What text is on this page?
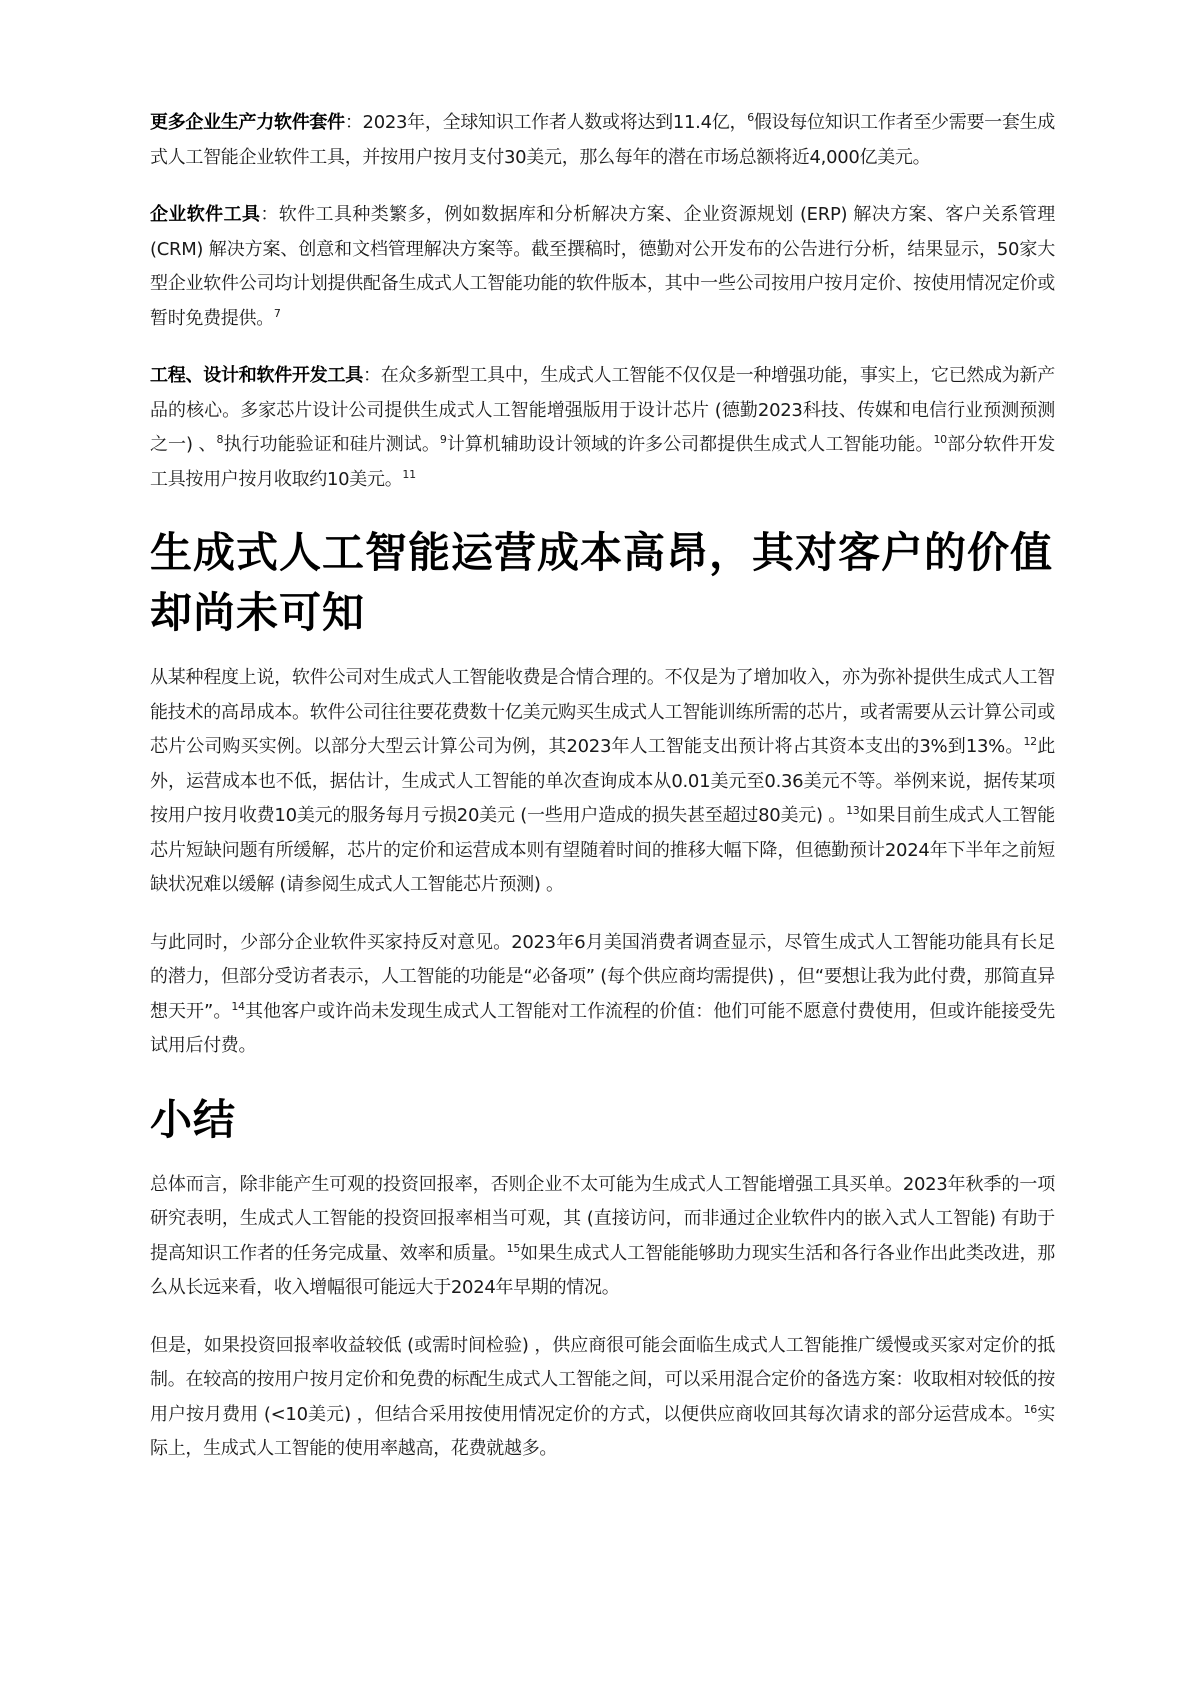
更多企业生产力软件套件：2023年，全球知识工作者人数或将达到11.4亿，$^6$假设每位知识工作者至少需要一套生成式人工智能企业软件工具，并按用户按月支付30美元，那么每年的潜在市场总额将近4,000亿美元。

企业软件工具：软件工具种类繁多，例如数据库和分析解决方案、企业资源规划 (ERP) 解决方案、客户关系管理 (CRM) 解决方案、创意和文档管理解决方案等。截至撰稿时，德勤对公开发布的公告进行分析，结果显示，50家大型企业软件公司均计划提供配备生成式人工智能功能的软件版本，其中一些公司按用户按月定价、按使用情况定价或暂时免费提供。$^7$

工程、设计和软件开发工具：在众多新型工具中，生成式人工智能不仅仅是一种增强功能，事实上，它已然成为新产品的核心。多家芯片设计公司提供生成式人工智能增强版用于设计芯片 (德勤2023科技、传媒和电信行业预测预测之一) 、$^8$执行功能验证和硅片测试。$^9$计算机辅助设计领域的许多公司都提供生成式人工智能功能。$^{10}$部分软件开发工具按用户按月收取约10美元。$^{11}$

生成式人工智能运营成本高昂，其对客户的价值却尚未可知

从某种程度上说，软件公司对生成式人工智能收费是合情合理的。不仅是为了增加收入，亦为弥补提供生成式人工智能技术的高昂成本。软件公司往往要花费数十亿美元购买生成式人工智能训练所需的芯片，或者需要从云计算公司或芯片公司购买实例。以部分大型云计算公司为例，其2023年人工智能支出预计将占其资本支出的3%到13%。$^{12}$此外，运营成本也不低，据估计，生成式人工智能的单次查询成本从0.01美元至0.36美元不等。举例来说，据传某项按用户按月收费10美元的服务每月亏损20美元 (一些用户造成的损失甚至超过80美元) 。$^{13}$如果目前生成式人工智能芯片短缺问题有所缓解，芯片的定价和运营成本则有望随着时间的推移大幅下降，但德勤预计2024年下半年之前短缺状况难以缓解 (请参阅生成式人工智能芯片预测) 。

与此同时，少部分企业软件买家持反对意见。2023年6月美国消费者调查显示，尽管生成式人工智能功能具有长足的潜力，但部分受访者表示，人工智能的功能是“必备项” (每个供应商均需提供) ，但“要想让我为此付费，那简直异想天开”。$^{14}$其他客户或许尚未发现生成式人工智能对工作流程的价值：他们可能不愿意付费使用，但或许能接受先试用后付费。

小结

总体而言，除非能产生可观的投资回报率，否则企业不太可能为生成式人工智能增强工具买单。2023年秋季的一项研究表明，生成式人工智能的投资回报率相当可观，其 (直接访问，而非通过企业软件内的嵌入式人工智能) 有助于提高知识工作者的任务完成量、效率和质量。$^{15}$如果生成式人工智能能够助力现实生活和各行各业作出此类改进，那么从长远来看，收入增幅很可能远大于2024年早期的情况。

但是，如果投资回报率收益较低 (或需时间检验) ，供应商很可能会面临生成式人工智能推广缓慢或买家对定价的抵制。在较高的按用户按月定价和免费的标配生成式人工智能之间，可以采用混合定价的备选方案：收取相对较低的按用户按月费用 (<10美元) ，但结合采用按使用情况定价的方式，以便供应商收回其每次请求的部分运营成本。$^{16}$实际上，生成式人工智能的使用率越高，花费就越多。
